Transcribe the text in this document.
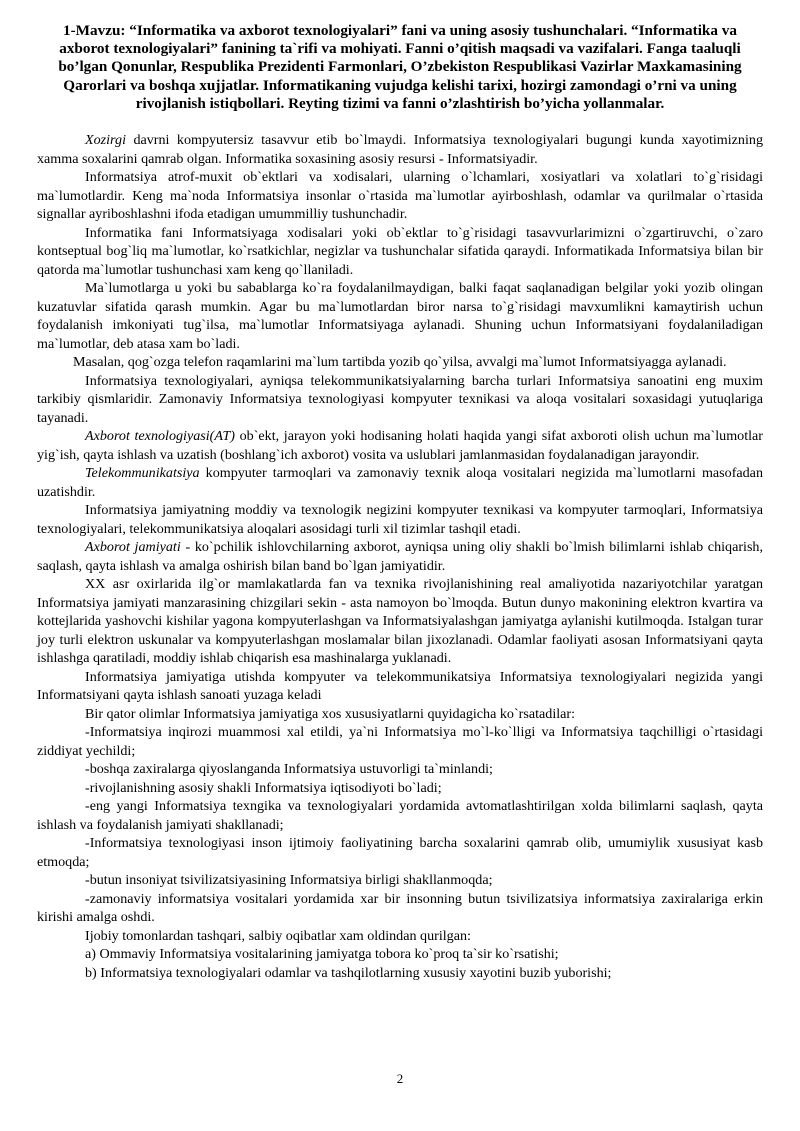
1-Mavzu: “Informatika va axborot texnologiyalari” fani va uning asosiy tushunchalari. “Informatika va axborot texnologiyalari” fanining ta`rifi va mohiyati. Fanni o’qitish maqsadi va vazifalari. Fanga taaluqli bo’lgan Qonunlar, Respublika Prezidenti Farmonlari, O’zbekiston Respublikasi Vazirlar Maxkamasining Qarorlari va boshqa xujjatlar. Informatikaning vujudga kelishi tarixi, hozirgi zamondagi o’rni va uning rivojlanish istiqbollari. Reyting tizimi va fanni o’zlashtirish bo’yicha yollanmalar.

Xozirgi davrni kompyutersiz tasavvur etib bo`lmaydi. Informatsiya texnologiyalari bugungi kunda xayotimizning xamma soxalarini qamrab olgan. Informatika soxasining asosiy resursi - Informatsiyadir.

Informatsiya atrof-muxit ob`ektlari va xodisalari, ularning o`lchamlari, xosiyatlari va xolatlari to`g`risidagi ma`lumotlardir. Keng ma`noda Informatsiya insonlar o`rtasida ma`lumotlar ayirboshlash, odamlar va qurilmalar o`rtasida signallar ayriboshlashni ifoda etadigan umummilliy tushunchadir.

Informatika fani Informatsiyaga xodisalari yoki ob`ektlar to`g`risidagi tasavvurlarimizni o`zgartiruvchi, o`zaro kontseptual bog`liq ma`lumotlar, ko`rsatkichlar, negizlar va tushunchalar sifatida qaraydi. Informatikada Informatsiya bilan bir qatorda ma`lumotlar tushunchasi xam keng qo`llaniladi.

Ma`lumotlarga u yoki bu sabablarga ko`ra foydalanilmaydigan, balki faqat saqlanadigan belgilar yoki yozib olingan kuzatuvlar sifatida qarash mumkin. Agar bu ma`lumotlardan biror narsa to`g`risidagi mavxumlikni kamaytirish uchun foydalanish imkoniyati tug`ilsa, ma`lumotlar Informatsiyaga aylanadi. Shuning uchun Informatsiyani foydalaniladigan ma`lumotlar, deb atasa xam bo`ladi.

Masalan, qog`ozga telefon raqamlarini ma`lum tartibda yozib qo`yilsa, avvalgi ma`lumot Informatsiyagga aylanadi.

Informatsiya texnologiyalari, ayniqsa telekommunikatsiyalarning barcha turlari Informatsiya sanoatini eng muxim tarkibiy qismlaridir. Zamonaviy Informatsiya texnologiyasi kompyuter texnikasi va aloqa vositalari soxasidagi yutuqlariga tayanadi.

Axborot texnologiyasi(AT) ob`ekt, jarayon yoki hodisaning holati haqida yangi sifat axboroti olish uchun ma`lumotlar yig`ish, qayta ishlash va uzatish (boshlang`ich axborot) vosita va uslublari jamlanmasidan foydalanadigan jarayondir.

Telekommunikatsiya kompyuter tarmoqlari va zamonaviy texnik aloqa vositalari negizida ma`lumotlarni masofadan uzatishdir.

Informatsiya jamiyatning moddiy va texnologik negizini kompyuter texnikasi va kompyuter tarmoqlari, Informatsiya texnologiyalari, telekommunikatsiya aloqalari asosidagi turli xil tizimlar tashqil etadi.

Axborot jamiyati - ko`pchilik ishlovchilarning axborot, ayniqsa uning oliy shakli bo`lmish bilimlarni ishlab chiqarish, saqlash, qayta ishlash va amalga oshirish bilan band bo`lgan jamiyatidir.

XX asr oxirlarida ilg`or mamlakatlarda fan va texnika rivojlanishining real amaliyotida nazariyotchilar yaratgan Informatsiya jamiyati manzarasining chizgilari sekin - asta namoyon bo`lmoqda. Butun dunyo makonining elektron kvartira va kottejlarida yashovchi kishilar yagona kompyuterlashgan va Informatsiyalashgan jamiyatga aylanishi kutilmoqda. Istalgan turar joy turli elektron uskunalar va kompyuterlashgan moslamalar bilan jixozlanadi. Odamlar faoliyati asosan Informatsiyani qayta ishlashga qaratiladi, moddiy ishlab chiqarish esa mashinalarga yuklanadi.

Informatsiya jamiyatiga utishda kompyuter va telekommunikatsiya Informatsiya texnologiyalari negizida yangi Informatsiyani qayta ishlash sanoati yuzaga keladi

Bir qator olimlar Informatsiya jamiyatiga xos xususiyatlarni quyidagicha ko`rsatadilar:

-Informatsiya inqirozi muammosi xal etildi, ya`ni Informatsiya mo`l-ko`lligi va Informatsiya taqchilligi o`rtasidagi ziddiyat yechildi;

-boshqa zaxiralarga qiyoslanganda Informatsiya ustuvorligi ta`minlandi;

-rivojlanishning asosiy shakli Informatsiya iqtisodiyoti bo`ladi;

-eng yangi Informatsiya texngika va texnologiyalari yordamida avtomatlashtirilgan xolda bilimlarni saqlash, qayta ishlash va foydalanish jamiyati shakllanadi;

-Informatsiya texnologiyasi inson ijtimoiy faoliyatining barcha soxalarini qamrab olib, umumiylik xususiyat kasb etmoqda;

-butun insoniyat tsivilizatsiyasining Informatsiya birligi shakllanmoqda;

-zamonaviy informatsiya vositalari yordamida xar bir insonning butun tsivilizatsiya informatsiya zaxiralariga erkin kirishi amalga oshdi.

Ijobiy tomonlardan tashqari, salbiy oqibatlar xam oldindan qurilgan:

a) Ommaviy Informatsiya vositalarining jamiyatga tobora ko`proq ta`sir ko`rsatishi;

b) Informatsiya texnologiyalari odamlar va tashqilotlarning xususiy xayotini buzib yuborishi;

2
